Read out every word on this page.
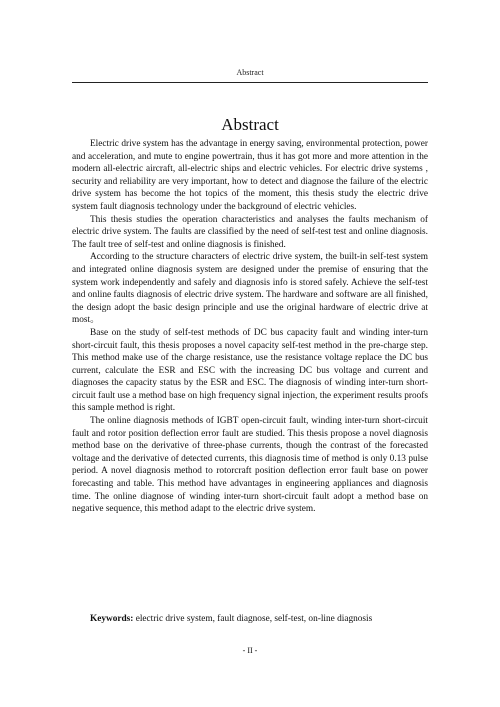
Abstract
Abstract

Electric drive system has the advantage in energy saving, environmental protection, power and acceleration, and mute to engine powertrain, thus it has got more and more attention in the modern all-electric aircraft, all-electric ships and electric vehicles. For electric drive systems , security and reliability are very important, how to detect and diagnose the failure of the electric drive system has become the hot topics of the moment, this thesis study the electric drive system fault diagnosis technology under the background of electric vehicles.

This thesis studies the operation characteristics and analyses the faults mechanism of electric drive system. The faults are classified by the need of self-test test and online diagnosis. The fault tree of self-test and online diagnosis is finished.

According to the structure characters of electric drive system, the built-in self-test system and integrated online diagnosis system are designed under the premise of ensuring that the system work independently and safely and diagnosis info is stored safely. Achieve the self-test and online faults diagnosis of electric drive system. The hardware and software are all finished, the design adopt the basic design principle and use the original hardware of electric drive at most。

Base on the study of self-test methods of DC bus capacity fault and winding inter-turn short-circuit fault, this thesis proposes a novel capacity self-test method in the pre-charge step. This method make use of the charge resistance, use the resistance voltage replace the DC bus current, calculate the ESR and ESC with the increasing DC bus voltage and current and diagnoses the capacity status by the ESR and ESC. The diagnosis of winding inter-turn short-circuit fault use a method base on high frequency signal injection, the experiment results proofs this sample method is right.

The online diagnosis methods of IGBT open-circuit fault, winding inter-turn short-circuit fault and rotor position deflection error fault are studied. This thesis propose a novel diagnosis method base on the derivative of three-phase currents, though the contrast of the forecasted voltage and the derivative of detected currents, this diagnosis time of method is only 0.13 pulse period. A novel diagnosis method to rotorcraft position deflection error fault base on power forecasting and table. This method have advantages in engineering appliances and diagnosis time. The online diagnose of winding inter-turn short-circuit fault adopt a method base on negative sequence, this method adapt to the electric drive system.

Keywords: electric drive system, fault diagnose, self-test, on-line diagnosis
- II -
